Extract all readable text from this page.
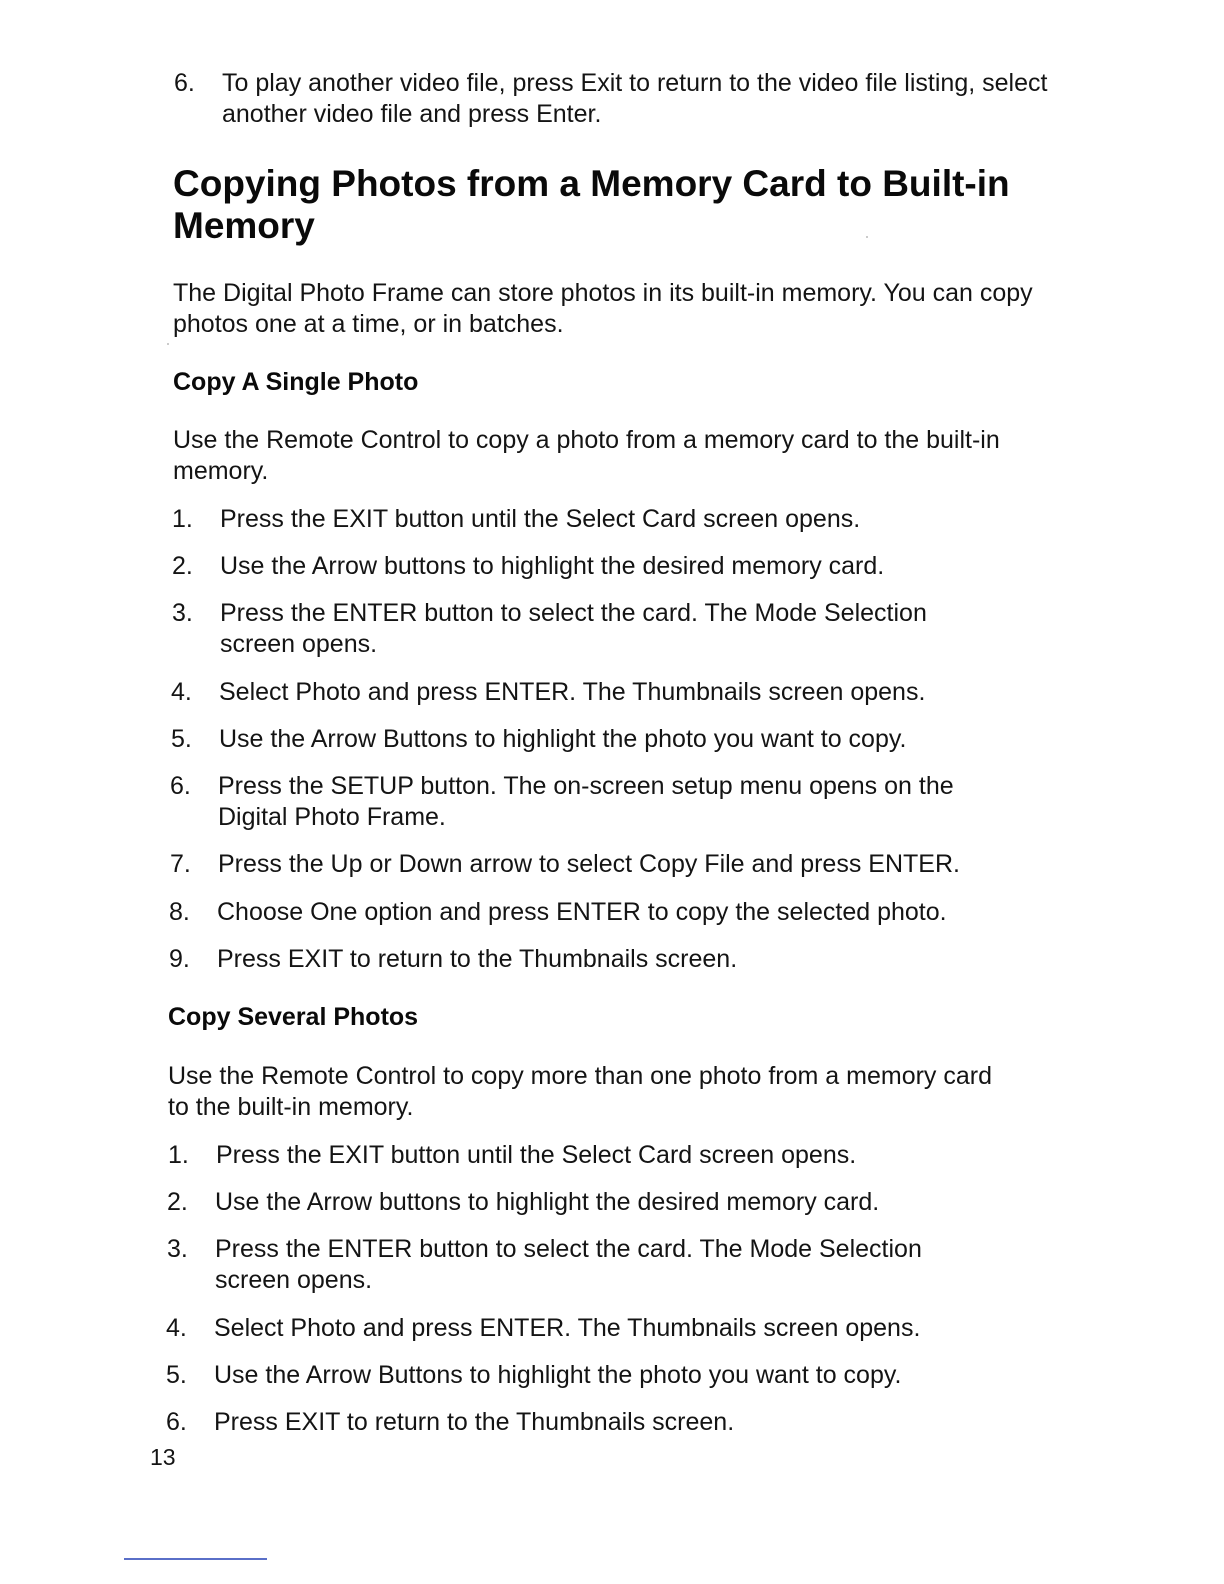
6.	To play another video file, press Exit to return to the video file listing, select another video file and press Enter.
Copying Photos from a Memory Card to Built-in Memory
The Digital Photo Frame can store photos in its built-in memory. You can copy photos one at a time, or in batches.
Copy A Single Photo
Use the Remote Control to copy a photo from a memory card to the built-in memory.
1.	Press the EXIT button until the Select Card screen opens.
2.	Use the Arrow buttons to highlight the desired memory card.
3.	Press the ENTER button to select the card. The Mode Selection screen opens.
4.	Select Photo and press ENTER. The Thumbnails screen opens.
5.	Use the Arrow Buttons to highlight the photo you want to copy.
6.	Press the SETUP button. The on-screen setup menu opens on the Digital Photo Frame.
7.	Press the Up or Down arrow to select Copy File and press ENTER.
8.	Choose One option and press ENTER to copy the selected photo.
9.	Press EXIT to return to the Thumbnails screen.
Copy Several Photos
Use the Remote Control to copy more than one photo from a memory card to the built-in memory.
1.	Press the EXIT button until the Select Card screen opens.
2.	Use the Arrow buttons to highlight the desired memory card.
3.	Press the ENTER button to select the card. The Mode Selection screen opens.
4.	Select Photo and press ENTER. The Thumbnails screen opens.
5.	Use the Arrow Buttons to highlight the photo you want to copy.
6.	Press EXIT to return to the Thumbnails screen.
13
